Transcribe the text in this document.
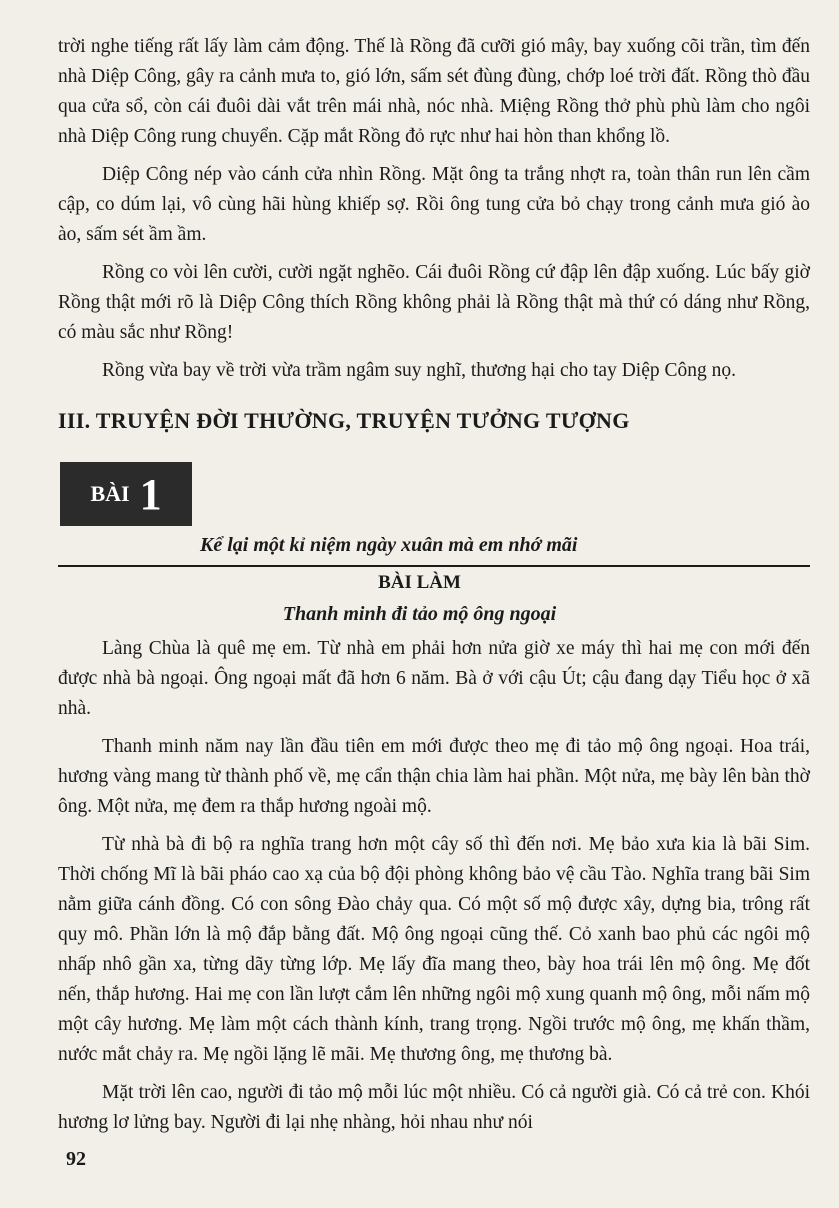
trời nghe tiếng rất lấy làm cảm động. Thế là Rồng đã cưỡi gió mây, bay xuống cõi trần, tìm đến nhà Diệp Công, gây ra cảnh mưa to, gió lớn, sấm sét đùng đùng, chớp loé trời đất. Rồng thò đầu qua cửa sổ, còn cái đuôi dài vắt trên mái nhà, nóc nhà. Miệng Rồng thở phù phù làm cho ngôi nhà Diệp Công rung chuyển. Cặp mắt Rồng đỏ rực như hai hòn than khổng lồ.

Diệp Công nép vào cánh cửa nhìn Rồng. Mặt ông ta trắng nhợt ra, toàn thân run lên cầm cập, co dúm lại, vô cùng hãi hùng khiếp sợ. Rồi ông tung cửa bỏ chạy trong cảnh mưa gió ào ào, sấm sét ầm ầm.

Rồng co vòi lên cười, cười ngặt nghẽo. Cái đuôi Rồng cứ đập lên đập xuống. Lúc bấy giờ Rồng thật mới rõ là Diệp Công thích Rồng không phải là Rồng thật mà thứ có dáng như Rồng, có màu sắc như Rồng!

Rồng vừa bay về trời vừa trầm ngâm suy nghĩ, thương hại cho tay Diệp Công nọ.

III. TRUYỆN ĐỜI THƯỜNG, TRUYỆN TƯỞNG TƯỢNG
BÀI 1
Kể lại một kỉ niệm ngày xuân mà em nhớ mãi
BÀI LÀM
Thanh minh đi tảo mộ ông ngoại

Làng Chùa là quê mẹ em. Từ nhà em phải hơn nửa giờ xe máy thì hai mẹ con mới đến được nhà bà ngoại. Ông ngoại mất đã hơn 6 năm. Bà ở với cậu Út; cậu đang dạy Tiểu học ở xã nhà.

Thanh minh năm nay lần đầu tiên em mới được theo mẹ đi tảo mộ ông ngoại. Hoa trái, hương vàng mang từ thành phố về, mẹ cẩn thận chia làm hai phần. Một nửa, mẹ bày lên bàn thờ ông. Một nửa, mẹ đem ra thắp hương ngoài mộ.

Từ nhà bà đi bộ ra nghĩa trang hơn một cây số thì đến nơi. Mẹ bảo xưa kia là bãi Sim. Thời chống Mĩ là bãi pháo cao xạ của bộ đội phòng không bảo vệ cầu Tào. Nghĩa trang bãi Sim nằm giữa cánh đồng. Có con sông Đào chảy qua. Có một số mộ được xây, dựng bia, trông rất quy mô. Phần lớn là mộ đắp bằng đất. Mộ ông ngoại cũng thế. Cỏ xanh bao phủ các ngôi mộ nhấp nhô gần xa, từng dãy từng lớp. Mẹ lấy đĩa mang theo, bày hoa trái lên mộ ông. Mẹ đốt nến, thắp hương. Hai mẹ con lần lượt cắm lên những ngôi mộ xung quanh mộ ông, mỗi nấm mộ một cây hương. Mẹ làm một cách thành kính, trang trọng. Ngồi trước mộ ông, mẹ khấn thầm, nước mắt chảy ra. Mẹ ngồi lặng lẽ mãi. Mẹ thương ông, mẹ thương bà.

Mặt trời lên cao, người đi tảo mộ mỗi lúc một nhiều. Có cả người già. Có cả trẻ con. Khói hương lơ lửng bay. Người đi lại nhẹ nhàng, hỏi nhau như nói

92
